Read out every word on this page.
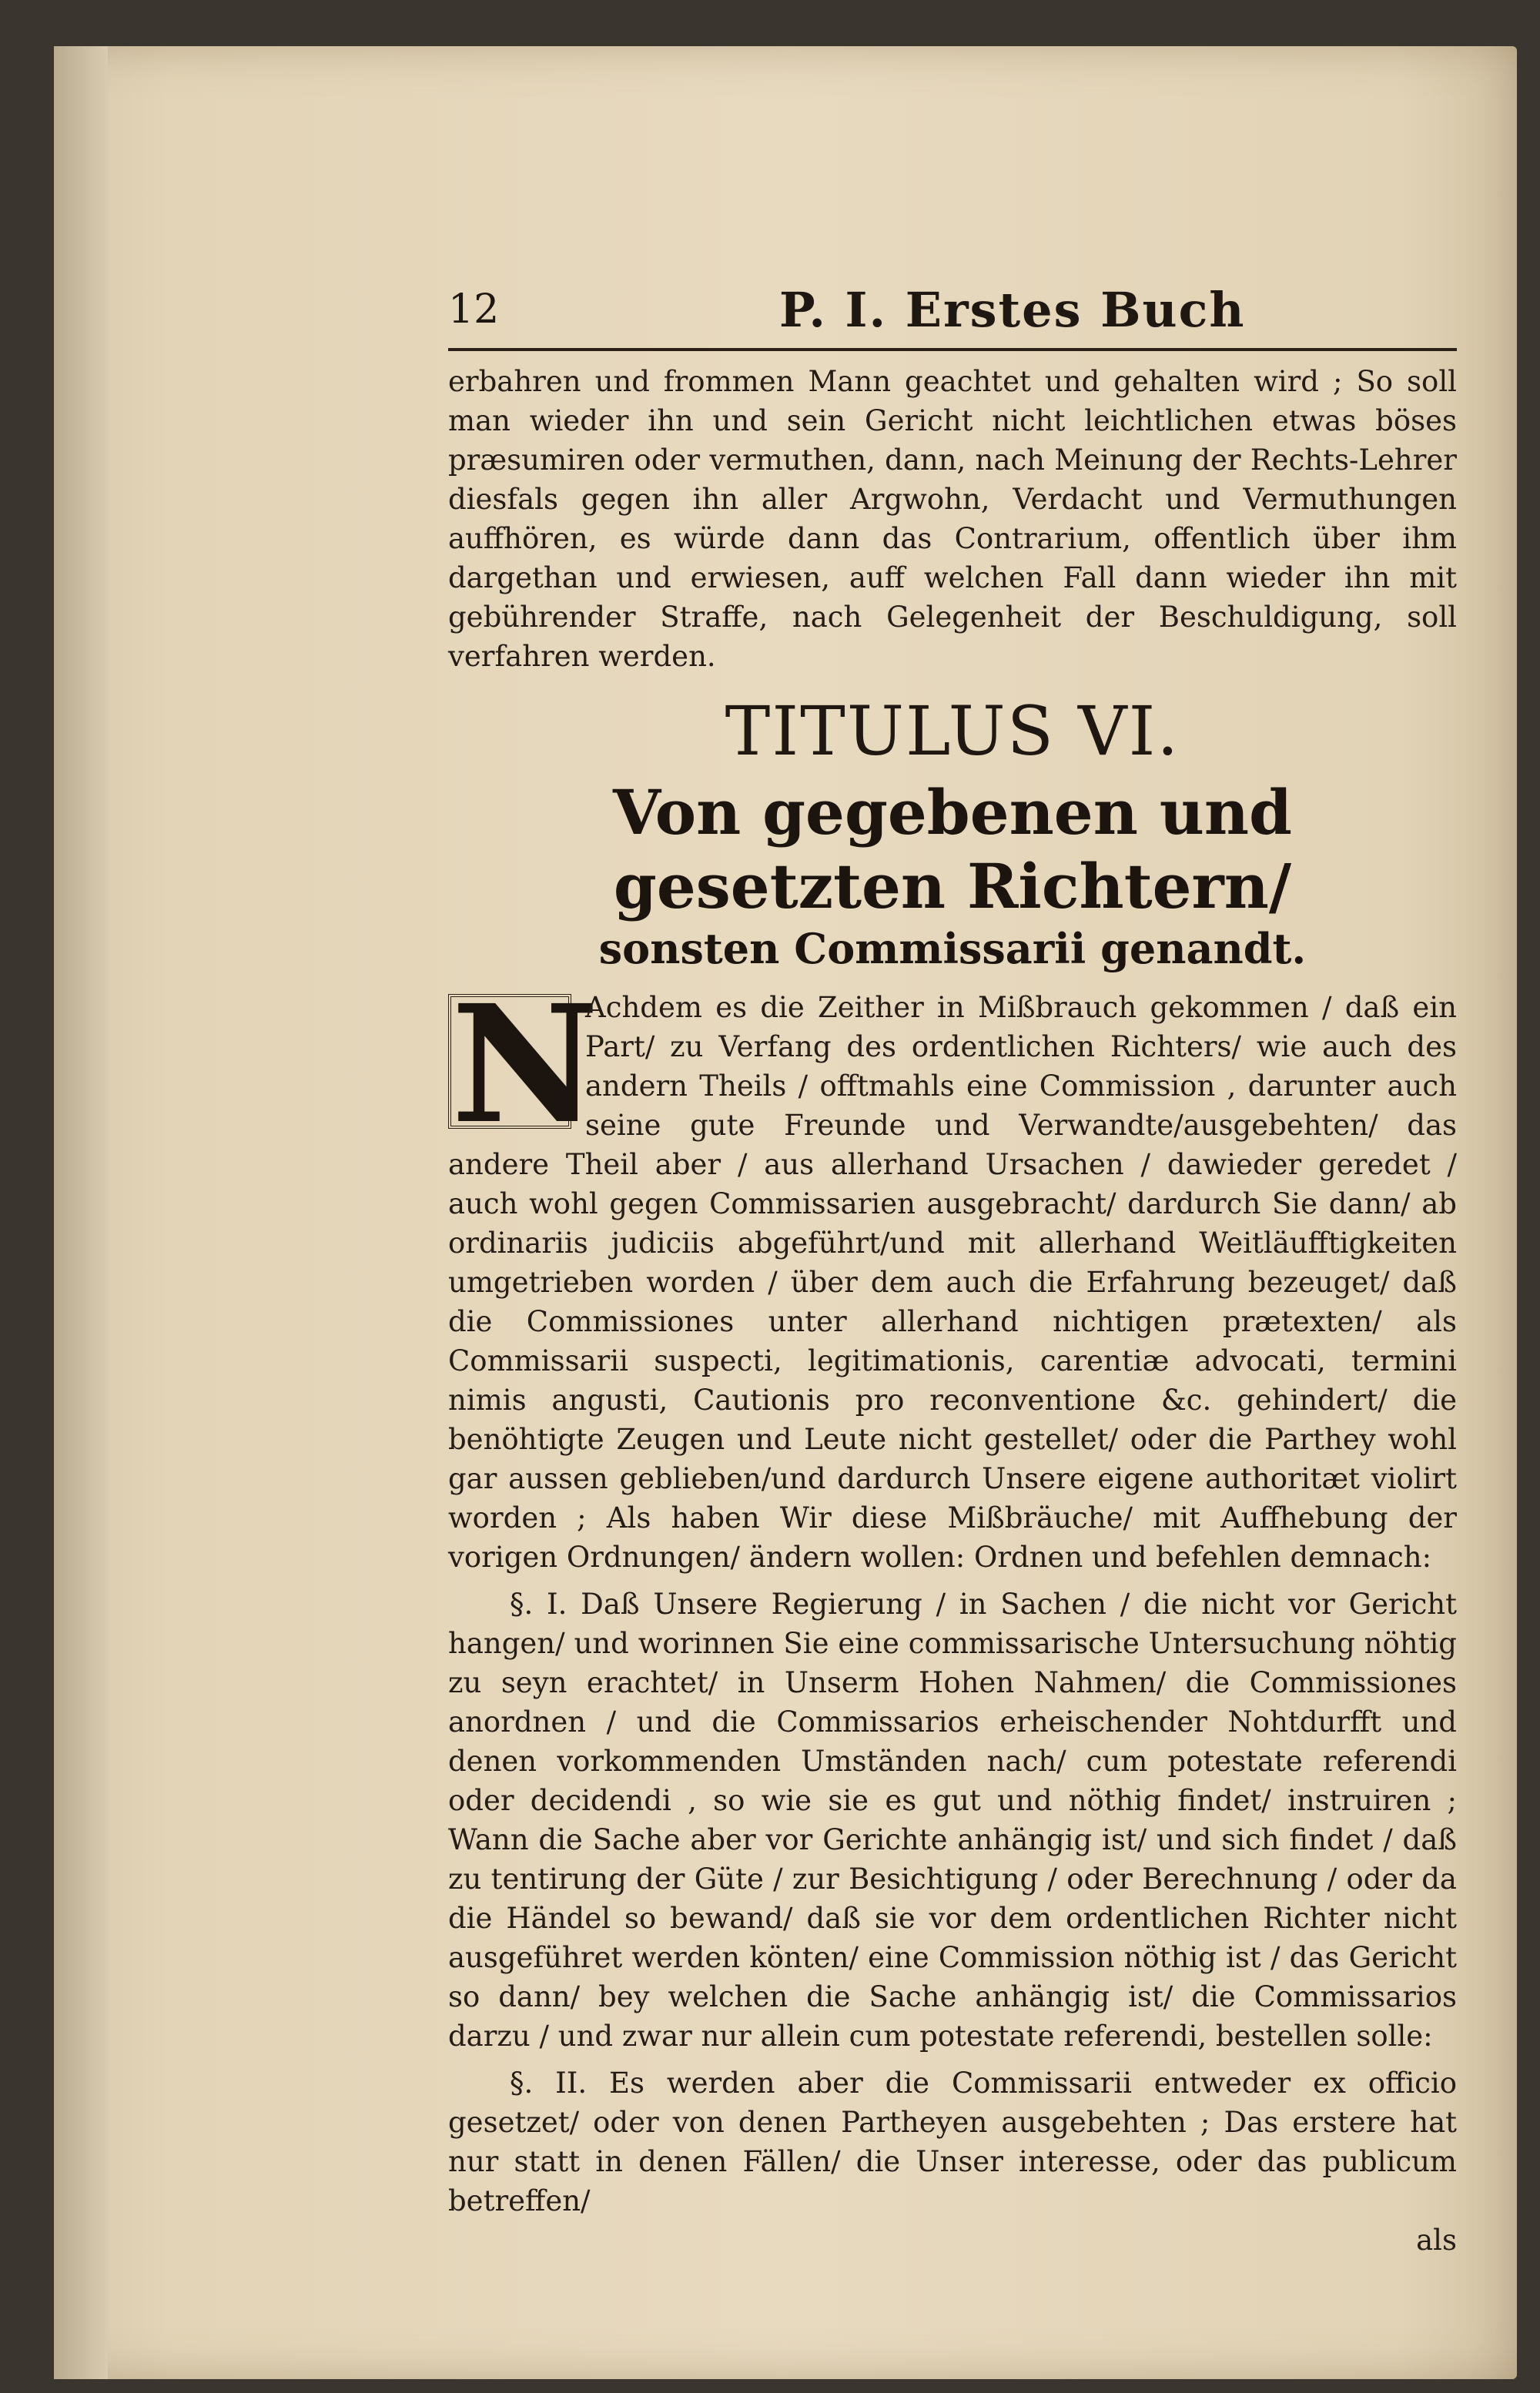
12	P. I. Erstes Buch

erbahren und frommen Mann geachtet und gehalten wird ; So soll man wieder ihn und sein Gericht nicht leichtlichen etwas böses præsumiren oder vermuthen, dann, nach Meinung der Rechts-Lehrer diesfals gegen ihn aller Argwohn, Verdacht und Vermuthungen auffhören, es würde dann das Contrarium, offentlich über ihm dargethan und erwiesen, auff welchen Fall dann wieder ihn mit gebührender Straffe, nach Gelegenheit der Beschuldigung, soll verfahren werden.

TITULUS VI.
Von gegebenen und gesetzten Richtern/
sonsten Commissarii genandt.
N

Achdem es die Zeither in Mißbrauch gekommen / daß ein Part/ zu Verfang des ordentlichen Richters/ wie auch des andern Theils / offtmahls eine Commission , darunter auch seine gute Freunde und Verwandte/ausgebehten/ das andere Theil aber / aus allerhand Ursachen / dawieder geredet / auch wohl gegen Commissarien ausgebracht/ dardurch Sie dann/ ab ordinariis judiciis abgeführt/und mit allerhand Weitläufftigkeiten umgetrieben worden / über dem auch die Erfahrung bezeuget/ daß die Commissiones unter allerhand nichtigen prætexten/ als Commissarii suspecti, legitimationis, carentiæ advocati, termini nimis angusti, Cautionis pro reconventione &c. gehindert/ die benöhtigte Zeugen und Leute nicht gestellet/ oder die Parthey wohl gar aussen geblieben/und dardurch Unsere eigene authoritæt violirt worden ; Als haben Wir diese Mißbräuche/ mit Auffhebung der vorigen Ordnungen/ ändern wollen: Ordnen und befehlen demnach:

§. I. Daß Unsere Regierung / in Sachen / die nicht vor Gericht hangen/ und worinnen Sie eine commissarische Untersuchung nöhtig zu seyn erachtet/ in Unserm Hohen Nahmen/ die Commissiones anordnen / und die Commissarios erheischender Nohtdurfft und denen vorkommenden Umständen nach/ cum potestate referendi oder decidendi , so wie sie es gut und nöthig findet/ instruiren ; Wann die Sache aber vor Gerichte anhängig ist/ und sich findet / daß zu tentirung der Güte / zur Besichtigung / oder Berechnung / oder da die Händel so bewand/ daß sie vor dem ordentlichen Richter nicht ausgeführet werden könten/ eine Commission nöthig ist / das Gericht so dann/ bey welchen die Sache anhängig ist/ die Commissarios darzu / und zwar nur allein cum potestate referendi, bestellen solle:

§. II. Es werden aber die Commissarii entweder ex officio gesetzet/ oder von denen Partheyen ausgebehten ; Das erstere hat nur statt in denen Fällen/ die Unser interesse, oder das publicum betreffen/

als
